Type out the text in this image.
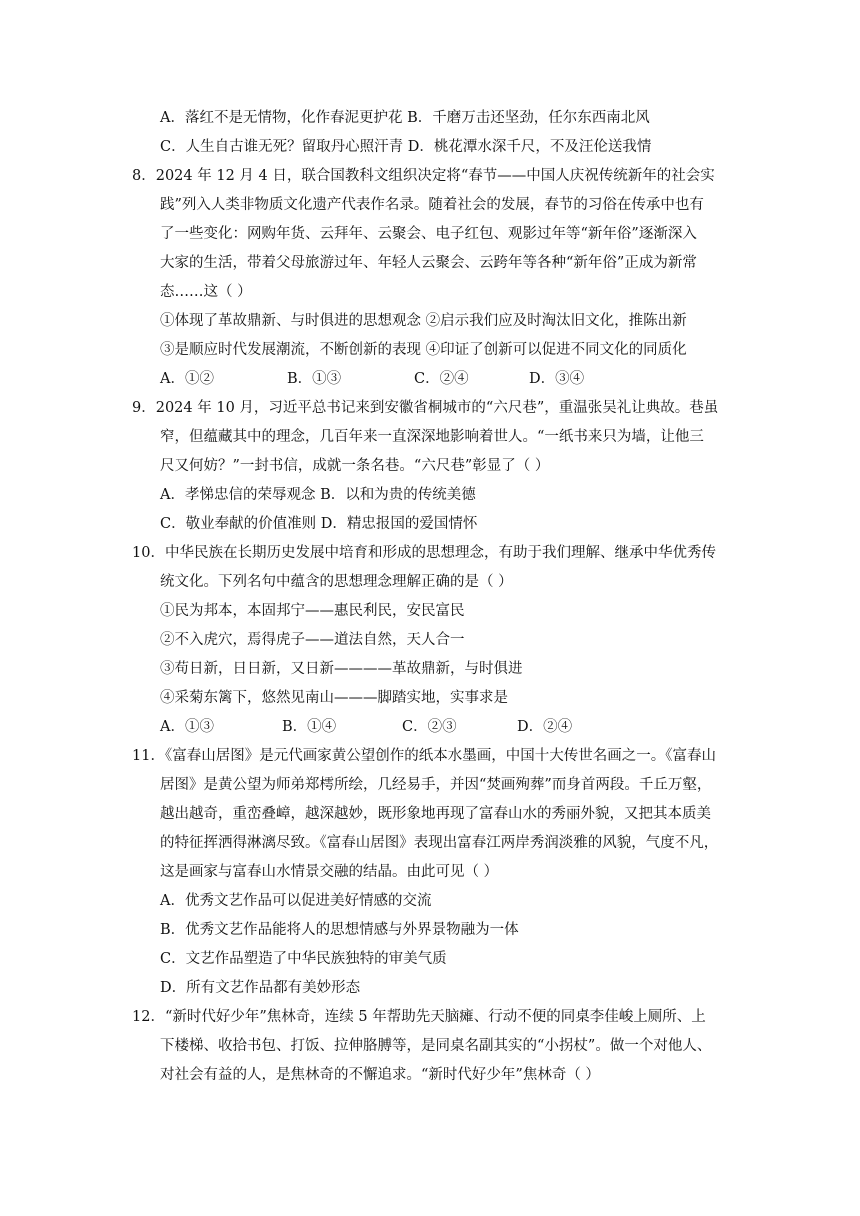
A．落红不是无情物，化作春泥更护花 B．千磨万击还坚劲，任尔东西南北风
C．人生自古谁无死？留取丹心照汗青 D．桃花潭水深千尺，不及汪伦送我情
8．2024 年 12 月 4 日，联合国教科文组织决定将“春节——中国人庆祝传统新年的社会实
践”列入人类非物质文化遗产代表作名录。随着社会的发展，春节的习俗在传承中也有
了一些变化：网购年货、云拜年、云聚会、电子红包、观影过年等“新年俗”逐渐深入
大家的生活，带着父母旅游过年、年轻人云聚会、云跨年等各种“新年俗”正成为新常
态……这（ ）
①体现了革故鼎新、与时俱进的思想观念 ②启示我们应及时淘汰旧文化，推陈出新
③是顺应时代发展潮流，不断创新的表现 ④印证了创新可以促进不同文化的同质化
A．①②	B．①③	C．②④	D．③④
9．2024 年 10 月，习近平总书记来到安徽省桐城市的“六尺巷”，重温张吴礼让典故。巷虽
窄，但蕴藏其中的理念，几百年来一直深深地影响着世人。“一纸书来只为墙，让他三
尺又何妨？”一封书信，成就一条名巷。“六尺巷”彰显了（ ）
A．孝悌忠信的荣辱观念 B．以和为贵的传统美德
C．敬业奉献的价值准则 D．精忠报国的爱国情怀
10．中华民族在长期历史发展中培育和形成的思想理念，有助于我们理解、继承中华优秀传
统文化。下列名句中蕴含的思想理念理解正确的是（ ）
①民为邦本，本固邦宁——惠民利民，安民富民
②不入虎穴，焉得虎子——道法自然，天人合一
③苟日新，日日新，又日新————革故鼎新，与时俱进
④采菊东篱下，悠然见南山———脚踏实地，实事求是
A．①③	B．①④	C．②③	D．②④
11．《富春山居图》是元代画家黄公望创作的纸本水墨画，中国十大传世名画之一。《富春山
居图》是黄公望为师弟郑樗所绘，几经易手，并因“焚画殉葬”而身首两段。千丘万壑，
越出越奇，重峦叠嶂，越深越妙，既形象地再现了富春山水的秀丽外貌，又把其本质美
的特征挥洒得淋漓尽致。《富春山居图》表现出富春江两岸秀润淡雅的风貌，气度不凡，
这是画家与富春山水情景交融的结晶。由此可见（ ）
A．优秀文艺作品可以促进美好情感的交流
B．优秀文艺作品能将人的思想情感与外界景物融为一体
C．文艺作品塑造了中华民族独特的审美气质
D．所有文艺作品都有美妙形态
12．“新时代好少年”焦林奇，连续 5 年帮助先天脑瘫、行动不便的同桌李佳峻上厕所、上
下楼梯、收拾书包、打饭、拉伸胳膊等，是同桌名副其实的“小拐杖”。做一个对他人、
对社会有益的人，是焦林奇的不懈追求。“新时代好少年”焦林奇（ ）
